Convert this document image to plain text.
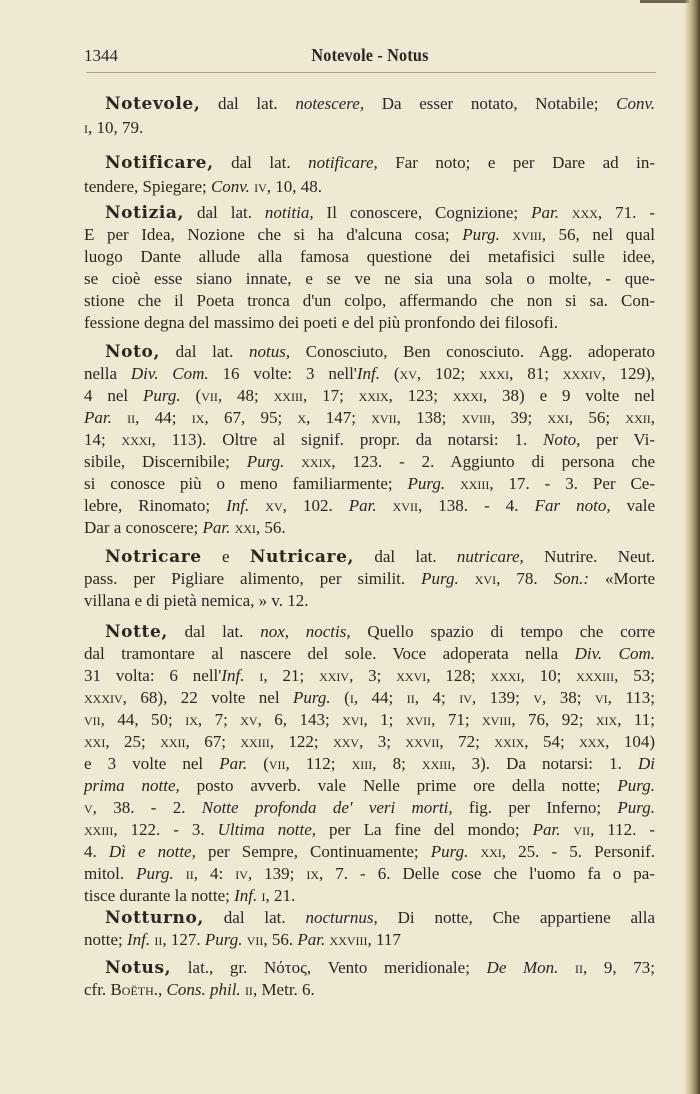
1344	Notevole - Notus
Notevole, dal lat. notescere, Da esser notato, Notabile; Conv.
i, 10, 79.
Notificare, dal lat. notificare, Far noto; e per Dare ad in-
tendere, Spiegare; Conv. iv, 10, 48.
Notizia, dal lat. notitia, Il conoscere, Cognizione; Par. xxx, 71. -
E per Idea, Nozione che si ha d'alcuna cosa; Purg. xviii, 56, nel qual
luogo Dante allude alla famosa questione dei metafisici sulle idee,
se cioè esse siano innate, e se ve ne sia una sola o molte, - que-
stione che il Poeta tronca d'un colpo, affermando che non si sa. Con-
fessione degna del massimo dei poeti e del più pronfondo dei filosofi.
Noto, dal lat. notus, Conosciuto, Ben conosciuto. Agg. adoperato
nella Div. Com. 16 volte: 3 nell'Inf. (xv, 102; xxxi, 81; xxxiv, 129),
4 nel Purg. (vii, 48; xxiii, 17; xxix, 123; xxxi, 38) e 9 volte nel
Par. ii, 44; ix, 67, 95; x, 147; xvii, 138; xviii, 39; xxi, 56; xxii,
14; xxxi, 113). Oltre al signif. propr. da notarsi: 1. Noto, per Vi-
sibile, Discernibile; Purg. xxix, 123. - 2. Aggiunto di persona che
si conosce più o meno familiarmente; Purg. xxiii, 17. - 3. Per Ce-
lebre, Rinomato; Inf. xv, 102. Par. xvii, 138. - 4. Far noto, vale
Dar a conoscere; Par. xxi, 56.
Notricare e Nutricare, dal lat. nutricare, Nutrire. Neut.
pass. per Pigliare alimento, per similit. Purg. xvi, 78. Son.: «Morte
villana e di pietà nemica, » v. 12.
Notte, dal lat. nox, noctis, Quello spazio di tempo che corre
dal tramontare al nascere del sole. Voce adoperata nella Div. Com.
31 volta: 6 nell'Inf. i, 21; xxiv, 3; xxvi, 128; xxxi, 10; xxxiii, 53;
xxxiv, 68), 22 volte nel Purg. (i, 44; ii, 4; iv, 139; v, 38; vi, 113;
vii, 44, 50; ix, 7; xv, 6, 143; xvi, 1; xvii, 71; xviii, 76, 92; xix, 11;
xxi, 25; xxii, 67; xxiii, 122; xxv, 3; xxvii, 72; xxix, 54; xxx, 104)
e 3 volte nel Par. (vii, 112; xiii, 8; xxiii, 3). Da notarsi: 1. Di
prima notte, posto avverb. vale Nelle prime ore della notte; Purg.
v, 38. - 2. Notte profonda de' veri morti, fig. per Inferno; Purg.
xxiii, 122. - 3. Ultima notte, per La fine del mondo; Par. vii, 112. -
4. Dì e notte, per Sempre, Continuamente; Purg. xxi, 25. - 5. Personif.
mitol. Purg. ii, 4: iv, 139; ix, 7. - 6. Delle cose che l'uomo fa o pa-
tisce durante la notte; Inf. i, 21.
Notturno, dal lat. nocturnus, Di notte, Che appartiene alla
notte; Inf. ii, 127. Purg. vii, 56. Par. xxviii, 117
Notus, lat., gr. Νότος, Vento meridionale; De Mon. ii, 9, 73;
cfr. Boëth., Cons. phil. ii, Metr. 6.
